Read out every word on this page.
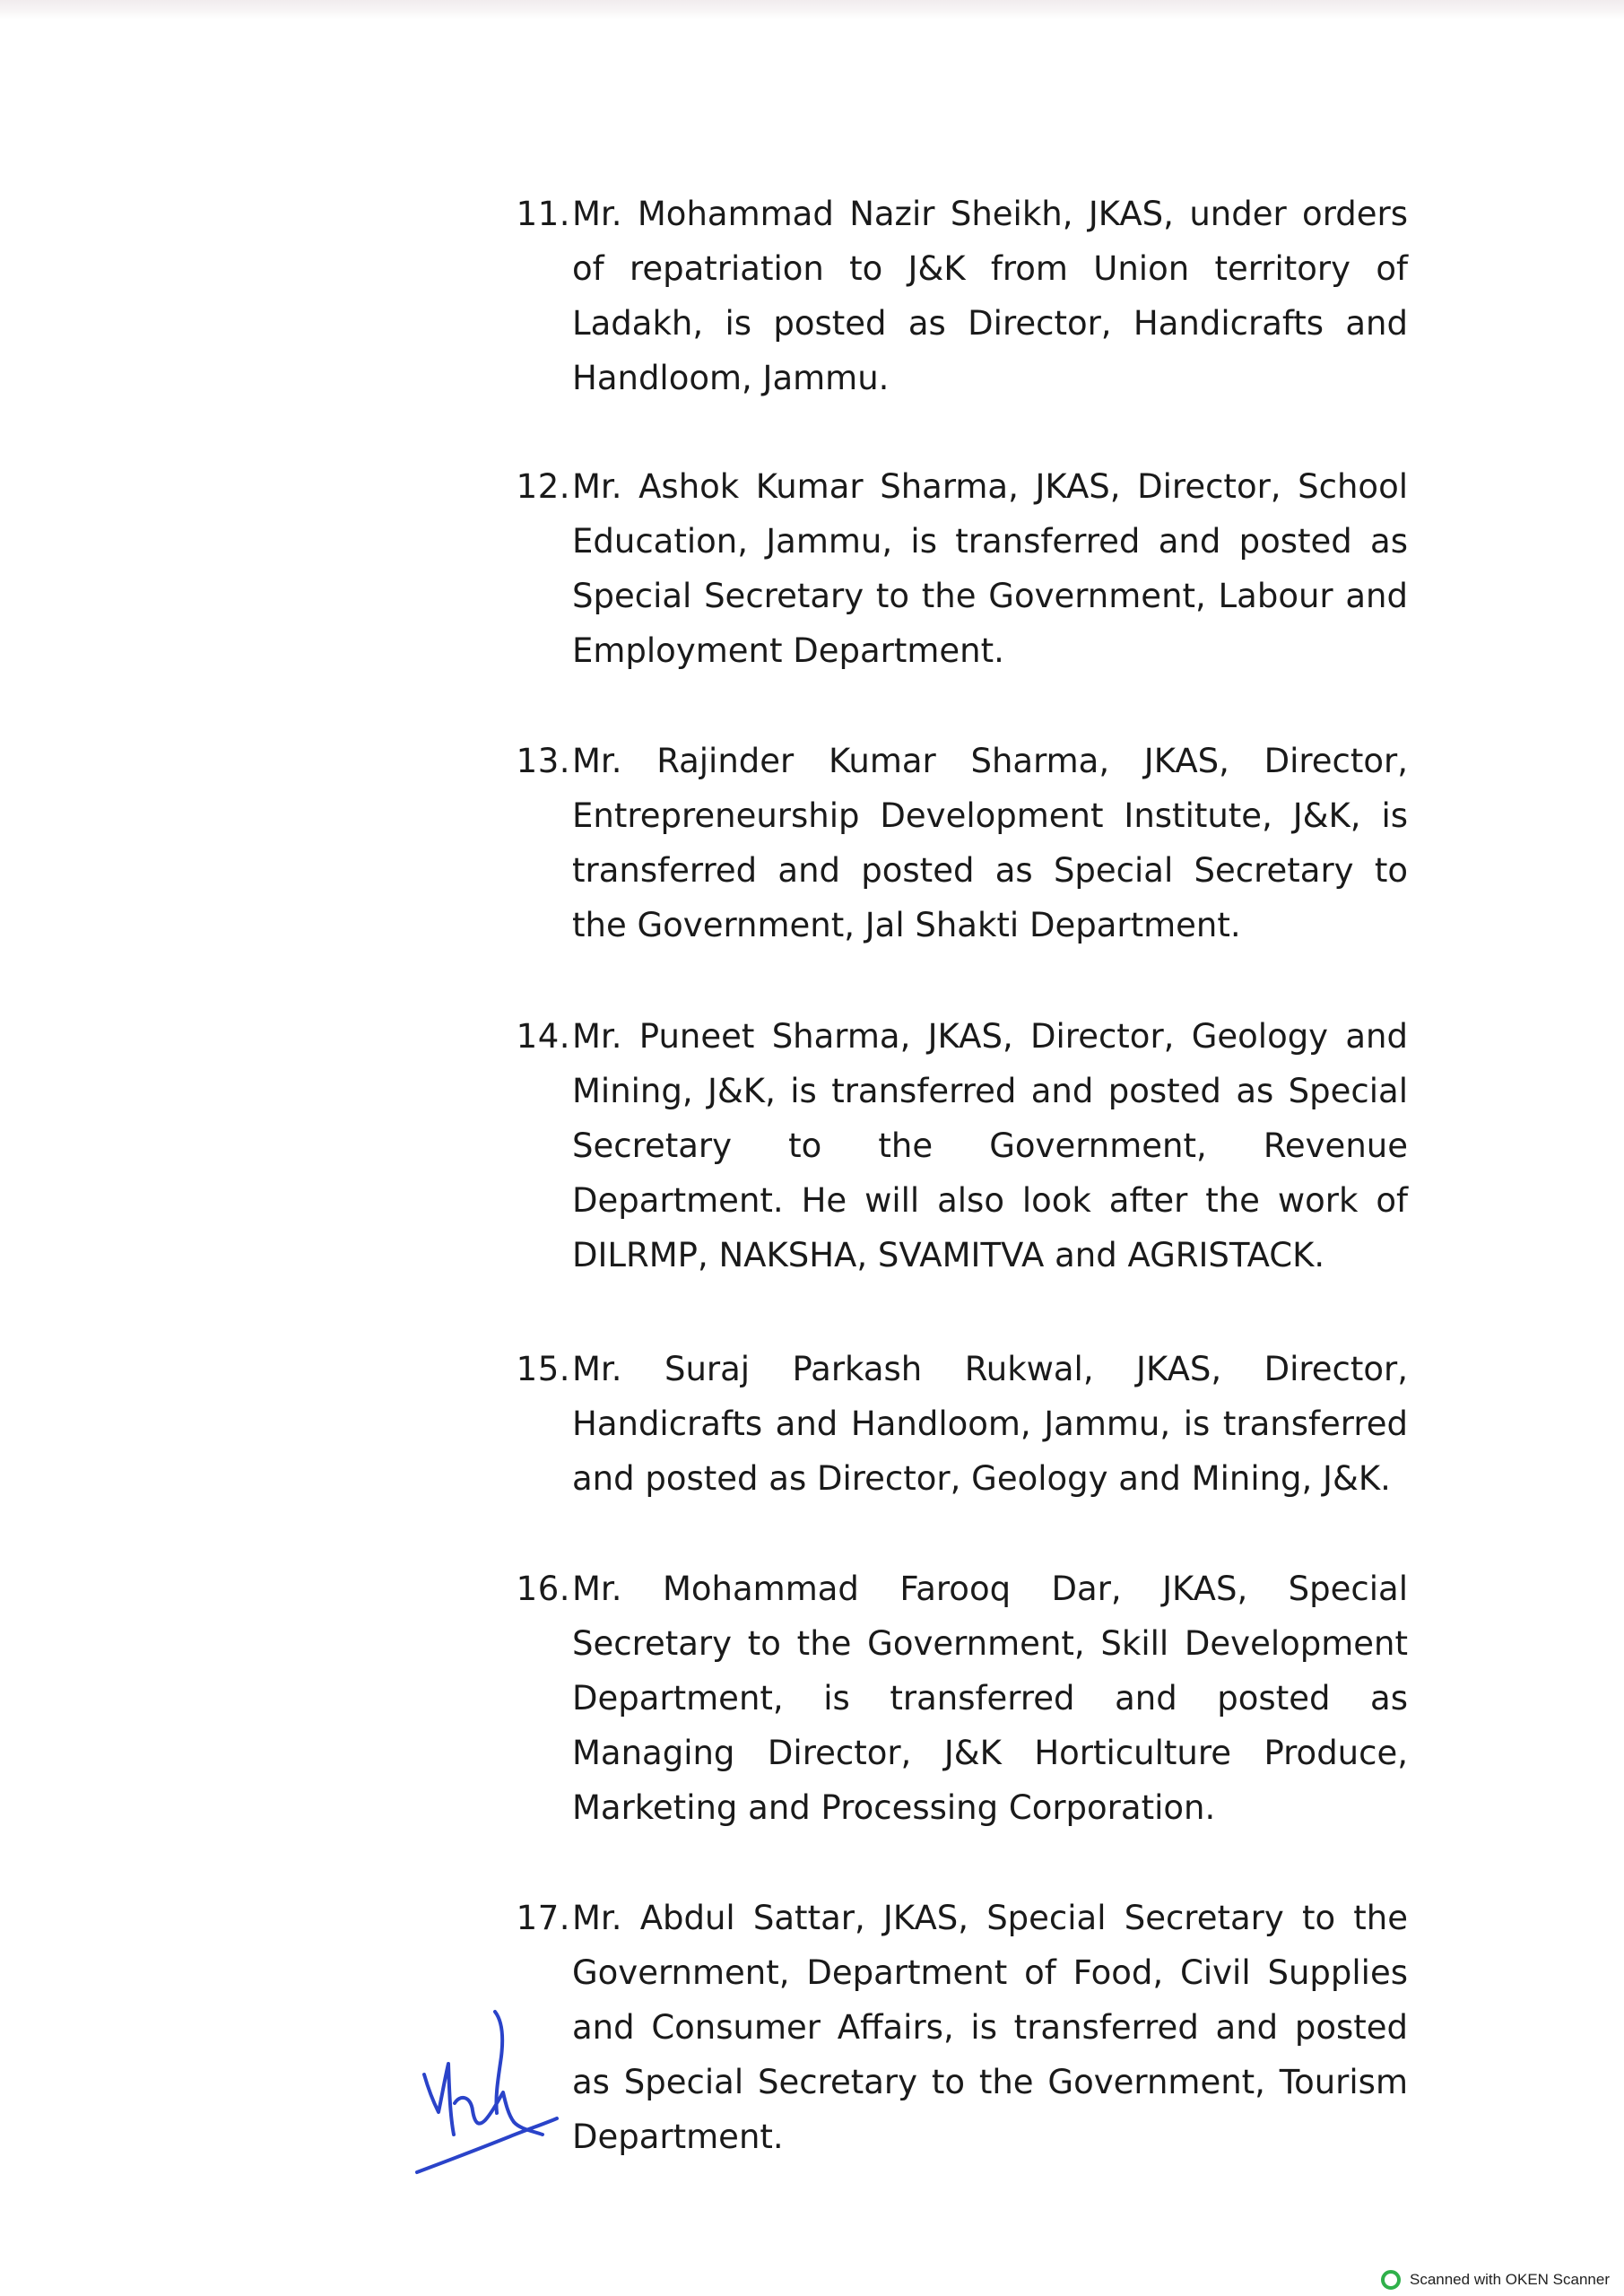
11. Mr. Mohammad Nazir Sheikh, JKAS, under orders of repatriation to J&K from Union territory of Ladakh, is posted as Director, Handicrafts and Handloom, Jammu.
12. Mr. Ashok Kumar Sharma, JKAS, Director, School Education, Jammu, is transferred and posted as Special Secretary to the Government, Labour and Employment Department.
13. Mr. Rajinder Kumar Sharma, JKAS, Director, Entrepreneurship Development Institute, J&K, is transferred and posted as Special Secretary to the Government, Jal Shakti Department.
14. Mr. Puneet Sharma, JKAS, Director, Geology and Mining, J&K, is transferred and posted as Special Secretary to the Government, Revenue Department. He will also look after the work of DILRMP, NAKSHA, SVAMITVA and AGRISTACK.
15. Mr. Suraj Parkash Rukwal, JKAS, Director, Handicrafts and Handloom, Jammu, is transferred and posted as Director, Geology and Mining, J&K.
16. Mr. Mohammad Farooq Dar, JKAS, Special Secretary to the Government, Skill Development Department, is transferred and posted as Managing Director, J&K Horticulture Produce, Marketing and Processing Corporation.
17. Mr. Abdul Sattar, JKAS, Special Secretary to the Government, Department of Food, Civil Supplies and Consumer Affairs, is transferred and posted as Special Secretary to the Government, Tourism Department.
Scanned with OKEN Scanner
